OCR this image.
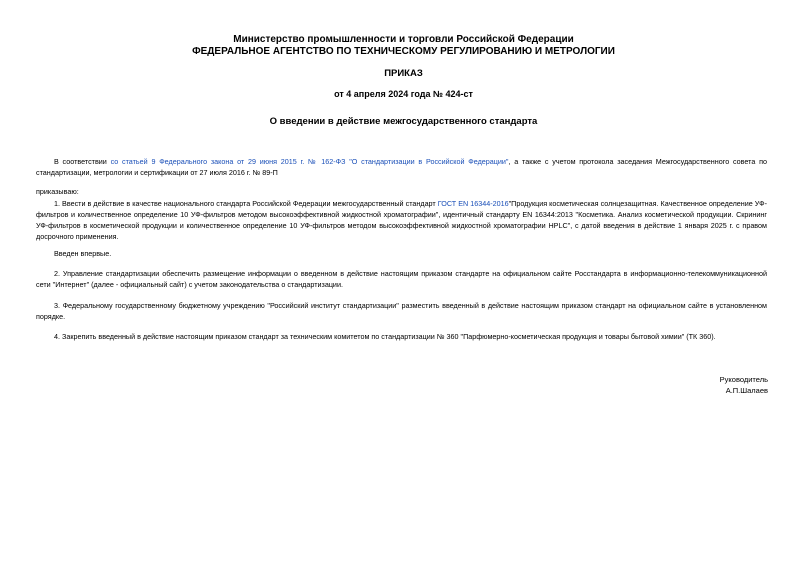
Министерство промышленности и торговли Российской Федерации
ФЕДЕРАЛЬНОЕ АГЕНТСТВО ПО ТЕХНИЧЕСКОМУ РЕГУЛИРОВАНИЮ И МЕТРОЛОГИИ
ПРИКАЗ
от 4 апреля 2024 года № 424-ст
О введении в действие межгосударственного стандарта
В соответствии со статьей 9 Федерального закона от 29 июня 2015 г. № 162-ФЗ "О стандартизации в Российской Федерации", а также с учетом протокола заседания Межгосударственного совета по стандартизации, метрологии и сертификации от 27 июля 2016 г. № 89-П
приказываю:
1. Ввести в действие в качестве национального стандарта Российской Федерации межгосударственный стандарт ГОСТ EN 16344-2016"Продукция косметическая солнцезащитная. Качественное определение УФ-фильтров и количественное определение 10 УФ-фильтров методом высокоэффективной жидкостной хроматографии", идентичный стандарту EN 16344:2013 "Косметика. Анализ косметической продукции. Скрининг УФ-фильтров в косметической продукции и количественное определение 10 УФ-фильтров методом высокоэффективной жидкостной хроматографии HPLC", с датой введения в действие 1 января 2025 г. с правом досрочного применения.
Введен впервые.
2. Управление стандартизации обеспечить размещение информации о введенном в действие настоящим приказом стандарте на официальном сайте Росстандарта в информационно-телекоммуникационной сети "Интернет" (далее - официальный сайт) с учетом законодательства о стандартизации.
3. Федеральному государственному бюджетному учреждению "Российский институт стандартизации" разместить введенный в действие настоящим приказом стандарт на официальном сайте в установленном порядке.
4. Закрепить введенный в действие настоящим приказом стандарт за техническим комитетом по стандартизации № 360 "Парфюмерно-косметическая продукция и товары бытовой химии" (ТК 360).
Руководитель
А.П.Шалаев
